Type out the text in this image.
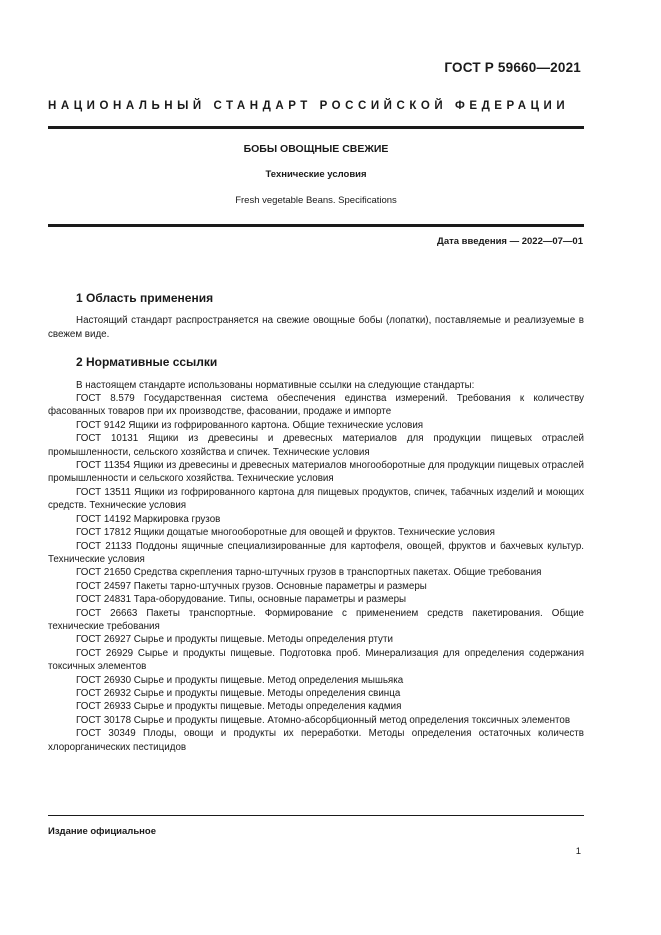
ГОСТ Р 59660—2021
НАЦИОНАЛЬНЫЙ СТАНДАРТ РОССИЙСКОЙ ФЕДЕРАЦИИ
БОБЫ ОВОЩНЫЕ СВЕЖИЕ
Технические условия
Fresh vegetable Beans. Specifications
Дата введения — 2022—07—01
1 Область применения

Настоящий стандарт распространяется на свежие овощные бобы (лопатки), поставляемые и реализуемые в свежем виде.

2 Нормативные ссылки

В настоящем стандарте использованы нормативные ссылки на следующие стандарты:

ГОСТ 8.579 Государственная система обеспечения единства измерений. Требования к количеству фасованных товаров при их производстве, фасовании, продаже и импорте

ГОСТ 9142 Ящики из гофрированного картона. Общие технические условия

ГОСТ 10131 Ящики из древесины и древесных материалов для продукции пищевых отраслей промышленности, сельского хозяйства и спичек. Технические условия

ГОСТ 11354 Ящики из древесины и древесных материалов многооборотные для продукции пищевых отраслей промышленности и сельского хозяйства. Технические условия

ГОСТ 13511 Ящики из гофрированного картона для пищевых продуктов, спичек, табачных изделий и моющих средств. Технические условия

ГОСТ 14192 Маркировка грузов

ГОСТ 17812 Ящики дощатые многооборотные для овощей и фруктов. Технические условия

ГОСТ 21133 Поддоны ящичные специализированные для картофеля, овощей, фруктов и бахчевых культур. Технические условия

ГОСТ 21650 Средства скрепления тарно-штучных грузов в транспортных пакетах. Общие требования

ГОСТ 24597 Пакеты тарно-штучных грузов. Основные параметры и размеры

ГОСТ 24831 Тара-оборудование. Типы, основные параметры и размеры

ГОСТ 26663 Пакеты транспортные. Формирование с применением средств пакетирования. Общие технические требования

ГОСТ 26927 Сырье и продукты пищевые. Методы определения ртути

ГОСТ 26929 Сырье и продукты пищевые. Подготовка проб. Минерализация для определения содержания токсичных элементов

ГОСТ 26930 Сырье и продукты пищевые. Метод определения мышьяка

ГОСТ 26932 Сырье и продукты пищевые. Методы определения свинца

ГОСТ 26933 Сырье и продукты пищевые. Методы определения кадмия

ГОСТ 30178 Сырье и продукты пищевые. Атомно-абсорбционный метод определения токсичных элементов

ГОСТ 30349 Плоды, овощи и продукты их переработки. Методы определения остаточных количеств хлорорганических пестицидов

Издание официальное
1
